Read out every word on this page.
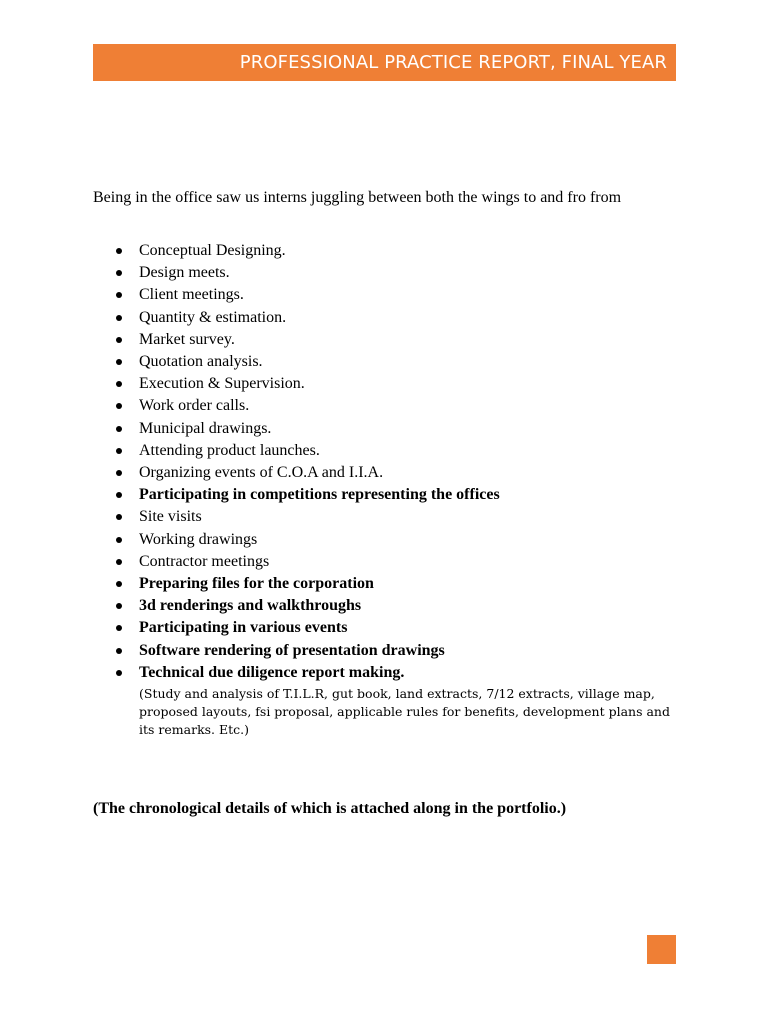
PROFESSIONAL PRACTICE REPORT, FINAL YEAR
Being in the office saw us interns juggling between both the wings to and fro from
Conceptual Designing.
Design meets.
Client meetings.
Quantity & estimation.
Market survey.
Quotation analysis.
Execution & Supervision.
Work order calls.
Municipal drawings.
Attending product launches.
Organizing events of C.O.A and I.I.A.
Participating in competitions representing the offices
Site visits
Working drawings
Contractor meetings
Preparing files for the corporation
3d renderings and walkthroughs
Participating in various events
Software rendering of presentation drawings
Technical due diligence report making.
(Study and analysis of T.I.L.R, gut book, land extracts, 7/12 extracts, village map, proposed layouts, fsi proposal, applicable rules for benefits, development plans and its remarks. Etc.)
(The chronological details of which is attached along in the portfolio.)
